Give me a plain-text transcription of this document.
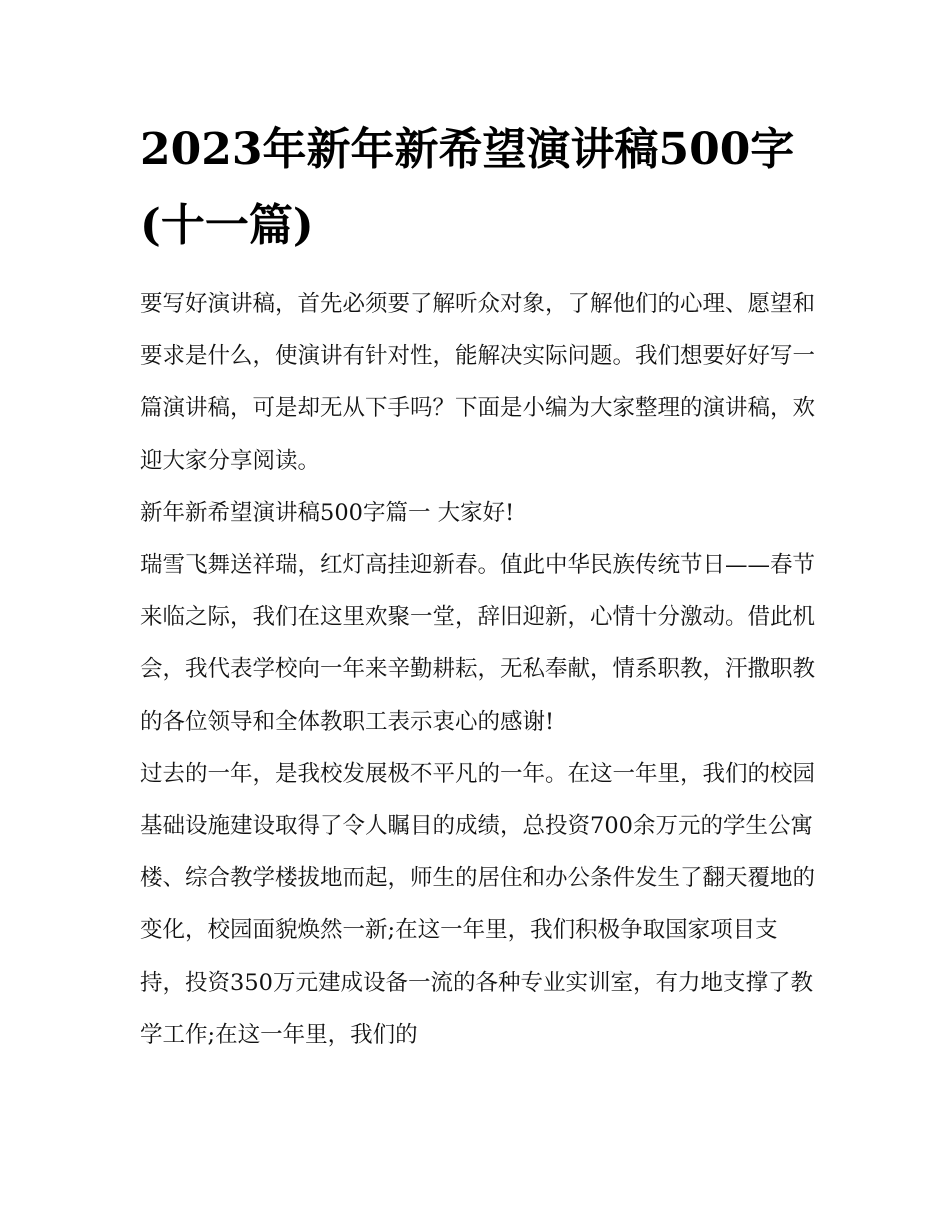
2023年新年新希望演讲稿500字(十一篇)

要写好演讲稿，首先必须要了解听众对象，了解他们的心理、愿望和要求是什么，使演讲有针对性，能解决实际问题。我们想要好好写一篇演讲稿，可是却无从下手吗？下面是小编为大家整理的演讲稿，欢迎大家分享阅读。

新年新希望演讲稿500字篇一 大家好!

瑞雪飞舞送祥瑞，红灯高挂迎新春。值此中华民族传统节日——春节来临之际，我们在这里欢聚一堂，辞旧迎新，心情十分激动。借此机会，我代表学校向一年来辛勤耕耘，无私奉献，情系职教，汗撒职教的各位领导和全体教职工表示衷心的感谢!

过去的一年，是我校发展极不平凡的一年。在这一年里，我们的校园基础设施建设取得了令人瞩目的成绩，总投资700余万元的学生公寓楼、综合教学楼拔地而起，师生的居住和办公条件发生了翻天覆地的变化，校园面貌焕然一新;在这一年里，我们积极争取国家项目支持，投资350万元建成设备一流的各种专业实训室，有力地支撑了教学工作;在这一年里，我们的
